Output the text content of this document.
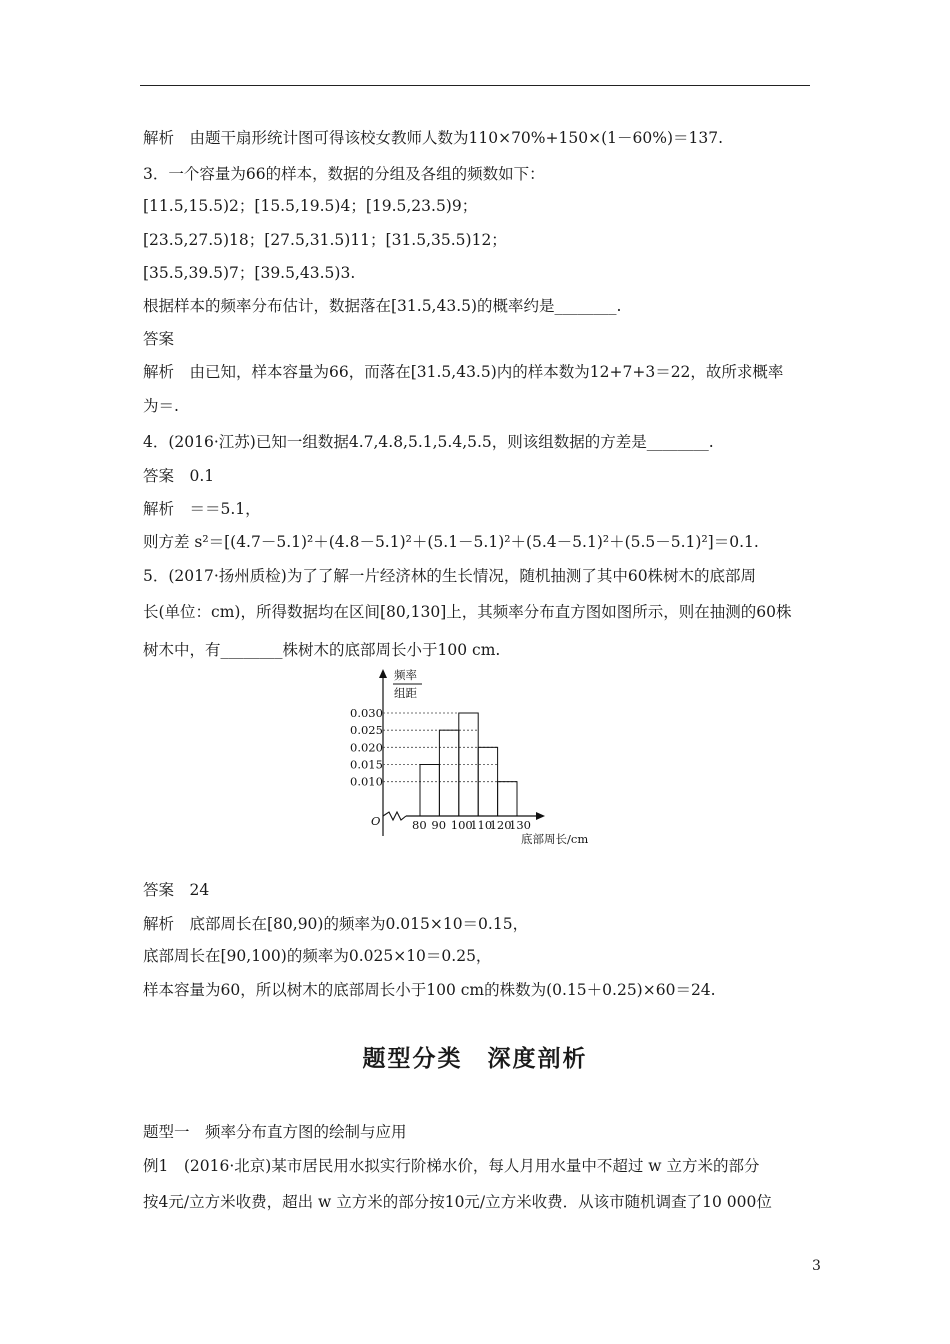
解析　由题干扇形统计图可得该校女教师人数为110×70%+150×(1－60%)＝137.
3．一个容量为66的样本，数据的分组及各组的频数如下：
[11.5,15.5)2；[15.5,19.5)4；[19.5,23.5)9；
[23.5,27.5)18；[27.5,31.5)11；[31.5,35.5)12；
[35.5,39.5)7；[39.5,43.5)3.
根据样本的频率分布估计，数据落在[31.5,43.5)的概率约是________.
答案
解析　由已知，样本容量为66，而落在[31.5,43.5)内的样本数为12+7+3＝22，故所求概率
为＝.
4．(2016·江苏)已知一组数据4.7,4.8,5.1,5.4,5.5，则该组数据的方差是________.
答案　0.1
解析　＝＝5.1，
则方差 s²＝[(4.7－5.1)²＋(4.8－5.1)²＋(5.1－5.1)²＋(5.4－5.1)²＋(5.5－5.1)²]＝0.1.
5．(2017·扬州质检)为了了解一片经济林的生长情况，随机抽测了其中60株树木的底部周
长(单位：cm)，所得数据均在区间[80,130]上，其频率分布直方图如图所示，则在抽测的60株
树木中，有________株树木的底部周长小于100 cm.
O
频率
组距
底部周长/cm
0.010
0.015
0.020
0.025
0.030
80 90 100
110
120
130
答案　24
解析　底部周长在[80,90)的频率为0.015×10＝0.15，
底部周长在[90,100)的频率为0.025×10＝0.25，
样本容量为60，所以树木的底部周长小于100 cm的株数为(0.15＋0.25)×60＝24.
题型分类　深度剖析
题型一　频率分布直方图的绘制与应用
例1　(2016·北京)某市居民用水拟实行阶梯水价，每人月用水量中不超过 w 立方米的部分
按4元/立方米收费，超出 w 立方米的部分按10元/立方米收费．从该市随机调查了10 000位
3
